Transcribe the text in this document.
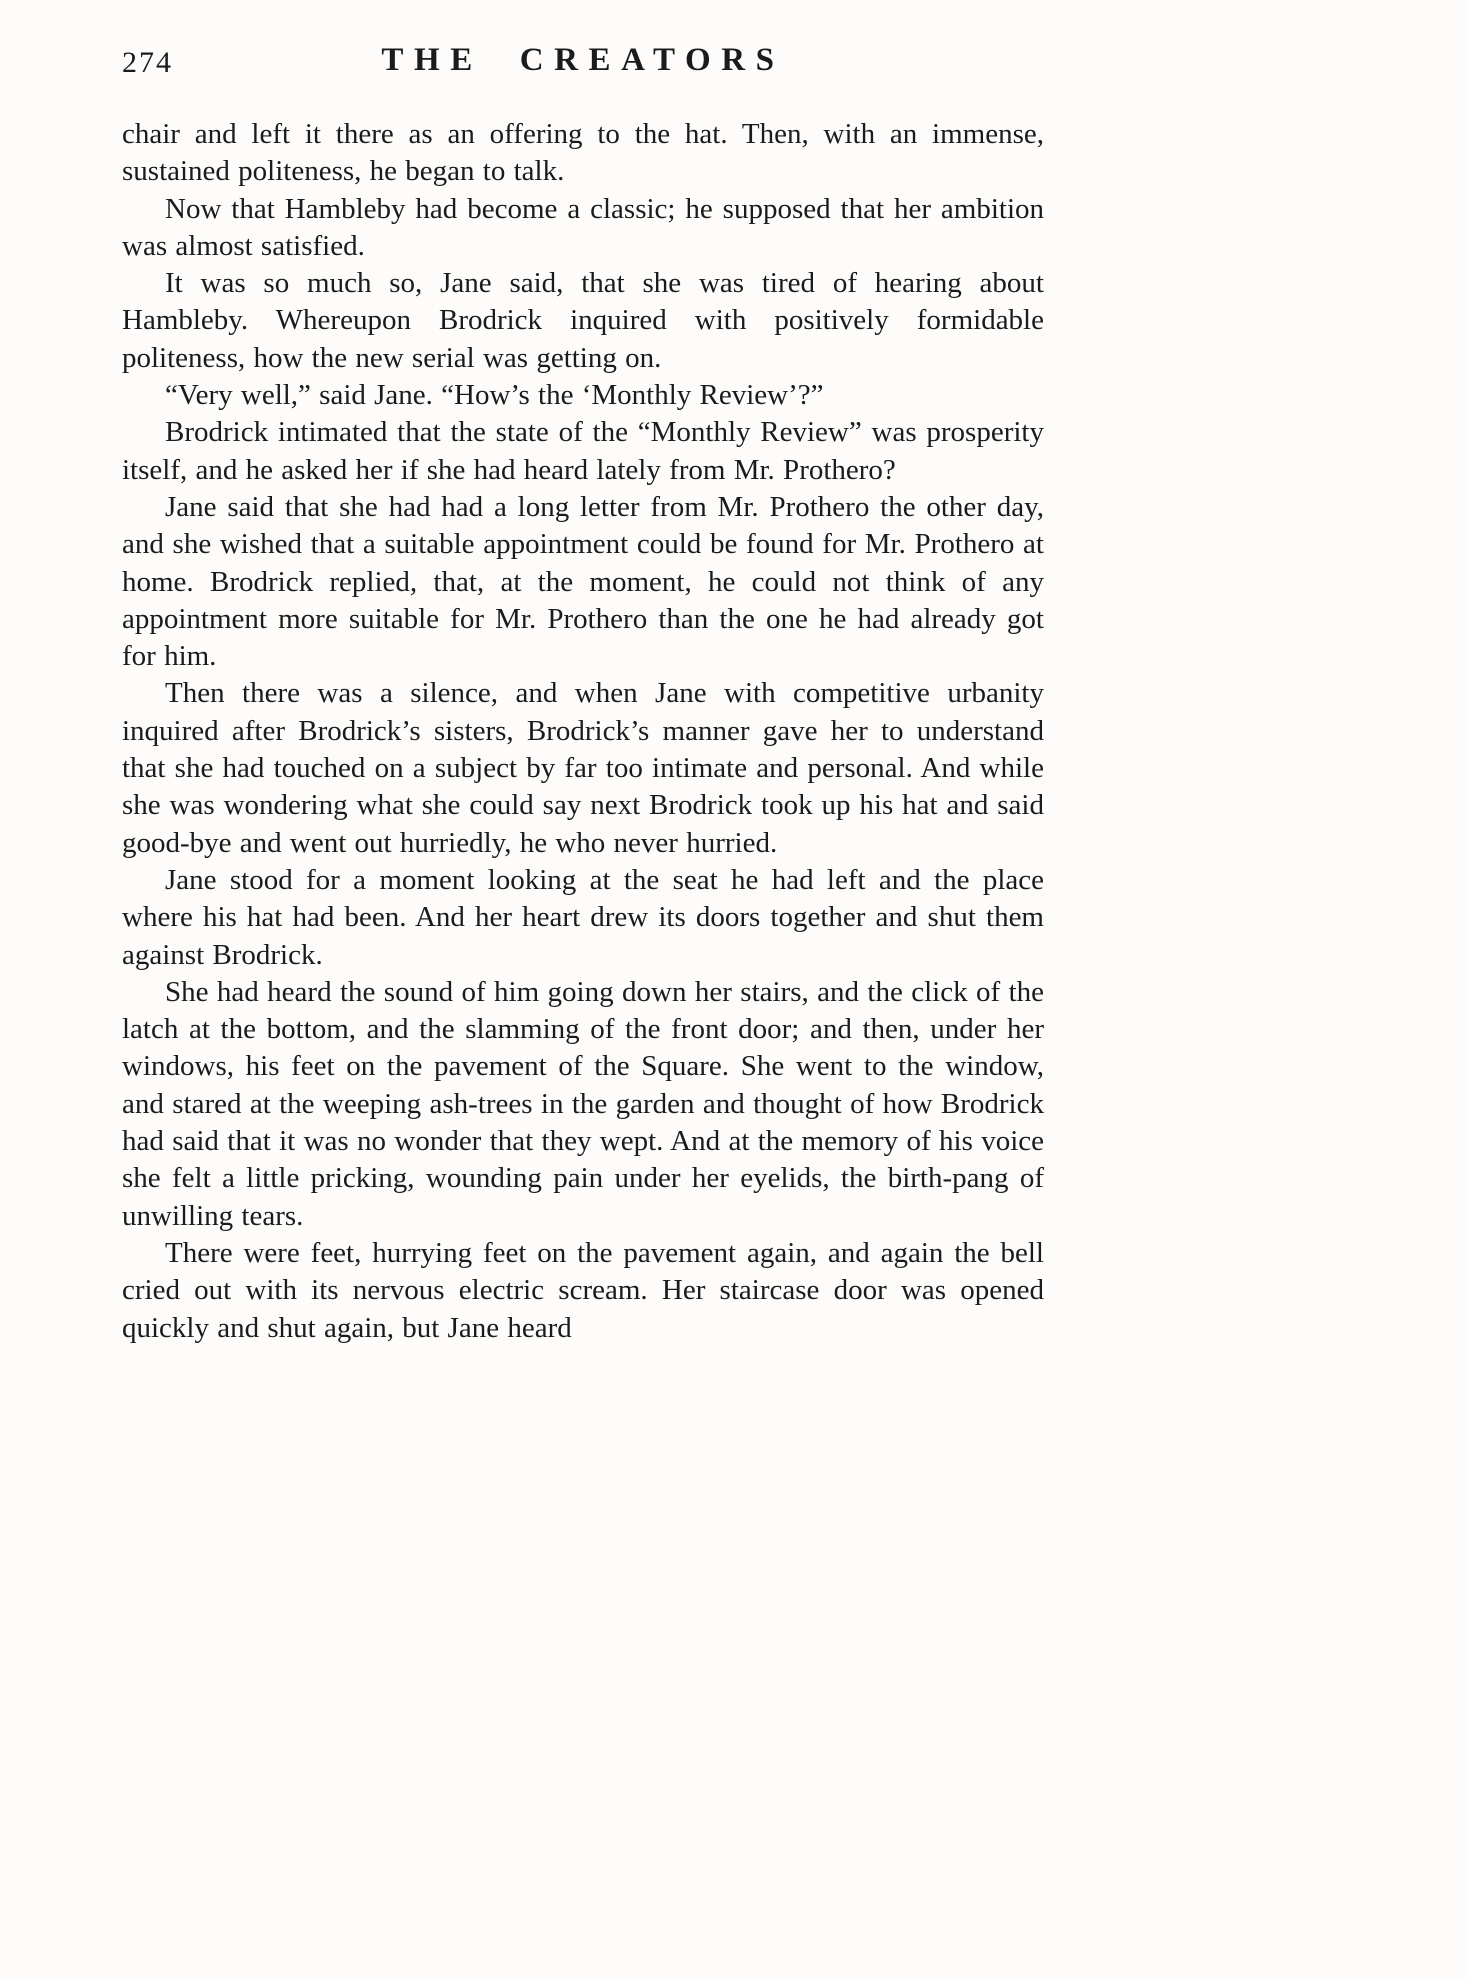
274	THE CREATORS

chair and left it there as an offering to the hat. Then, with an immense, sustained politeness, he began to talk.

Now that Hambleby had become a classic; he supposed that her ambition was almost satisfied.

It was so much so, Jane said, that she was tired of hearing about Hambleby. Whereupon Brodrick inquired with positively formidable politeness, how the new serial was getting on.

“Very well,” said Jane. “How’s the ‘Monthly Review’?”

Brodrick intimated that the state of the “Monthly Review” was prosperity itself, and he asked her if she had heard lately from Mr. Prothero?

Jane said that she had had a long letter from Mr. Prothero the other day, and she wished that a suitable appointment could be found for Mr. Prothero at home. Brodrick replied, that, at the moment, he could not think of any appointment more suitable for Mr. Prothero than the one he had already got for him.

Then there was a silence, and when Jane with competitive urbanity inquired after Brodrick’s sisters, Brodrick’s manner gave her to understand that she had touched on a subject by far too intimate and personal. And while she was wondering what she could say next Brodrick took up his hat and said good-bye and went out hurriedly, he who never hurried.

Jane stood for a moment looking at the seat he had left and the place where his hat had been. And her heart drew its doors together and shut them against Brodrick.

She had heard the sound of him going down her stairs, and the click of the latch at the bottom, and the slamming of the front door; and then, under her windows, his feet on the pavement of the Square. She went to the window, and stared at the weeping ash-trees in the garden and thought of how Brodrick had said that it was no wonder that they wept. And at the memory of his voice she felt a little pricking, wounding pain under her eyelids, the birth-pang of unwilling tears.

There were feet, hurrying feet on the pavement again, and again the bell cried out with its nervous electric scream. Her staircase door was opened quickly and shut again, but Jane heard
